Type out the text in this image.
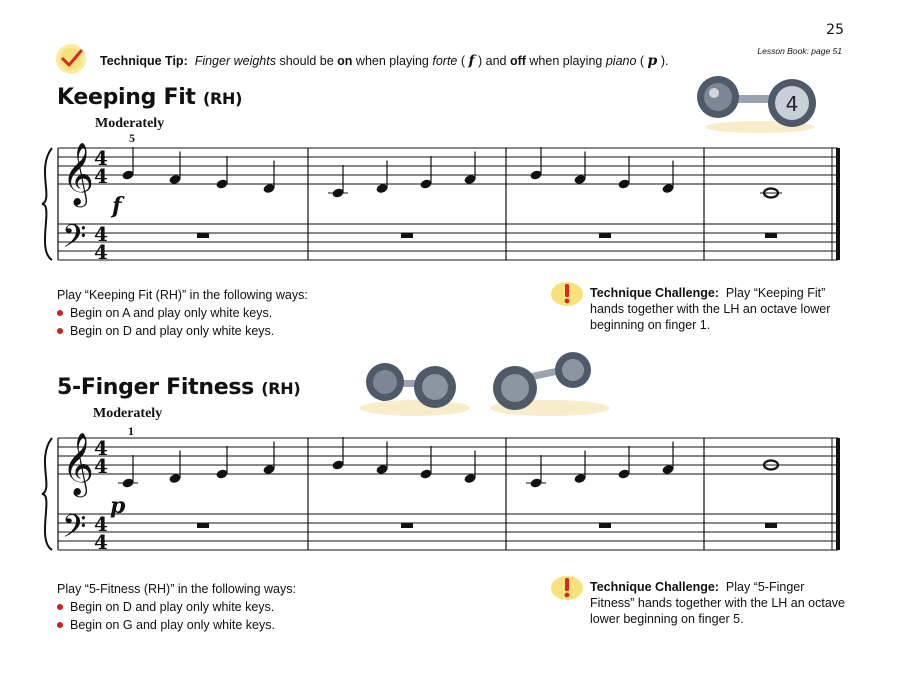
25
Lesson Book: page 51
Technique Tip: Finger weights should be on when playing forte ( f ) and off when playing piano ( p ).
Keeping Fit (RH)
Moderately
5
f
4
𝄞
𝄢
4
4
4
4
Play “Keeping Fit (RH)” in the following ways:
Begin on A and play only white keys.
Begin on D and play only white keys.
Technique Challenge: Play “Keeping Fit” hands together with the LH an octave lower beginning on finger 1.
5-Finger Fitness (RH)
Moderately
1
p
𝄞
𝄢
4
4
4
4
Play “5-Fitness (RH)” in the following ways:
Begin on D and play only white keys.
Begin on G and play only white keys.
Technique Challenge: Play “5-Finger Fitness” hands together with the LH an octave lower beginning on finger 5.
